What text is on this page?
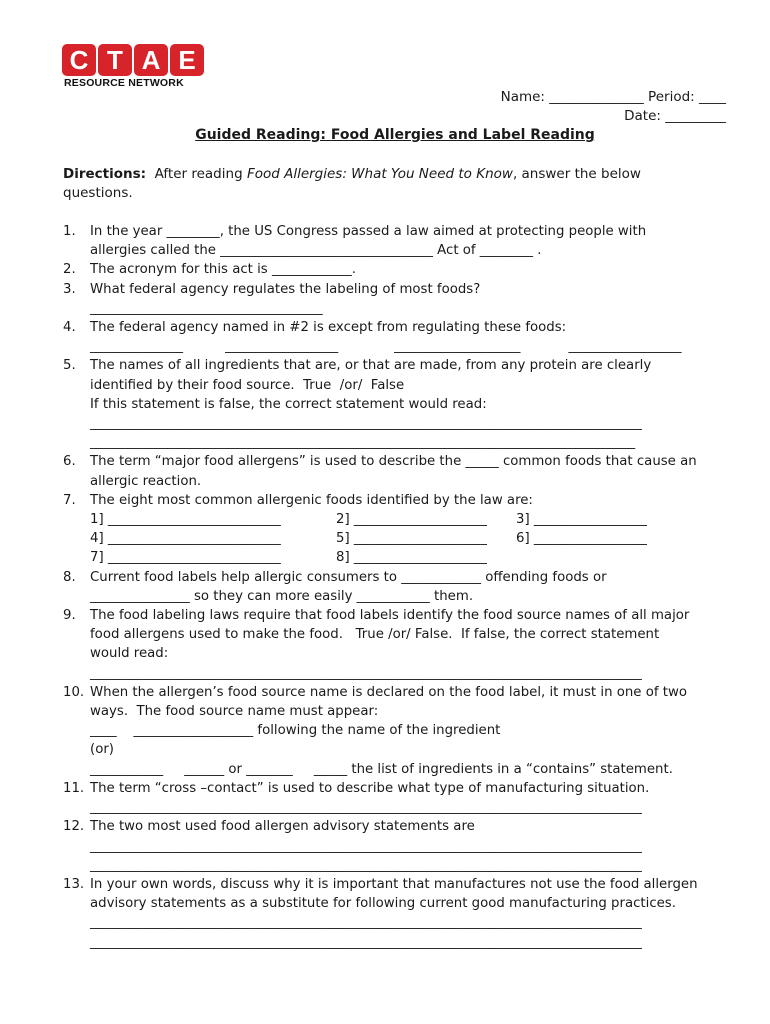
C T A E
RESOURCE NETWORK
Name: ______________ Period: ____
Date: _________
Guided Reading: Food Allergies and Label Reading
Directions:  After reading Food Allergies: What You Need to Know, answer the below questions.
1. In the year ________, the US Congress passed a law aimed at protecting people with
allergies called the ________________________________ Act of ________ .
2. The acronym for this act is ____________.
3. What federal agency regulates the labeling of most foods?
___________________________________
4. The federal agency named in #2 is except from regulating these foods:
______________	_________________	___________________	_________________
5. The names of all ingredients that are, or that are made, from any protein are clearly
identified by their food source.  True  /or/  False
If this statement is false, the correct statement would read:
___________________________________________________________________________________
__________________________________________________________________________________
6. The term “major food allergens” is used to describe the _____ common foods that cause an
allergic reaction.
7. The eight most common allergenic foods identified by the law are:
1] __________________________	2] ____________________	3] _________________
4] __________________________	5] ____________________	6] _________________
7] __________________________	8] ____________________
8. Current food labels help allergic consumers to ____________ offending foods or
_______________ so they can more easily ___________ them.
9. The food labeling laws require that food labels identify the food source names of all major
food allergens used to make the food.   True /or/ False.  If false, the correct statement
would read:
___________________________________________________________________________________
10. When the allergen’s food source name is declared on the food label, it must in one of two
ways.  The food source name must appear:
____    __________________ following the name of the ingredient
(or)
___________     ______ or _______     _____ the list of ingredients in a “contains” statement.
11. The term “cross –contact” is used to describe what type of manufacturing situation.
___________________________________________________________________________________
12. The two most used food allergen advisory statements are
___________________________________________________________________________________
___________________________________________________________________________________
13. In your own words, discuss why it is important that manufactures not use the food allergen
advisory statements as a substitute for following current good manufacturing practices.
___________________________________________________________________________________
___________________________________________________________________________________
